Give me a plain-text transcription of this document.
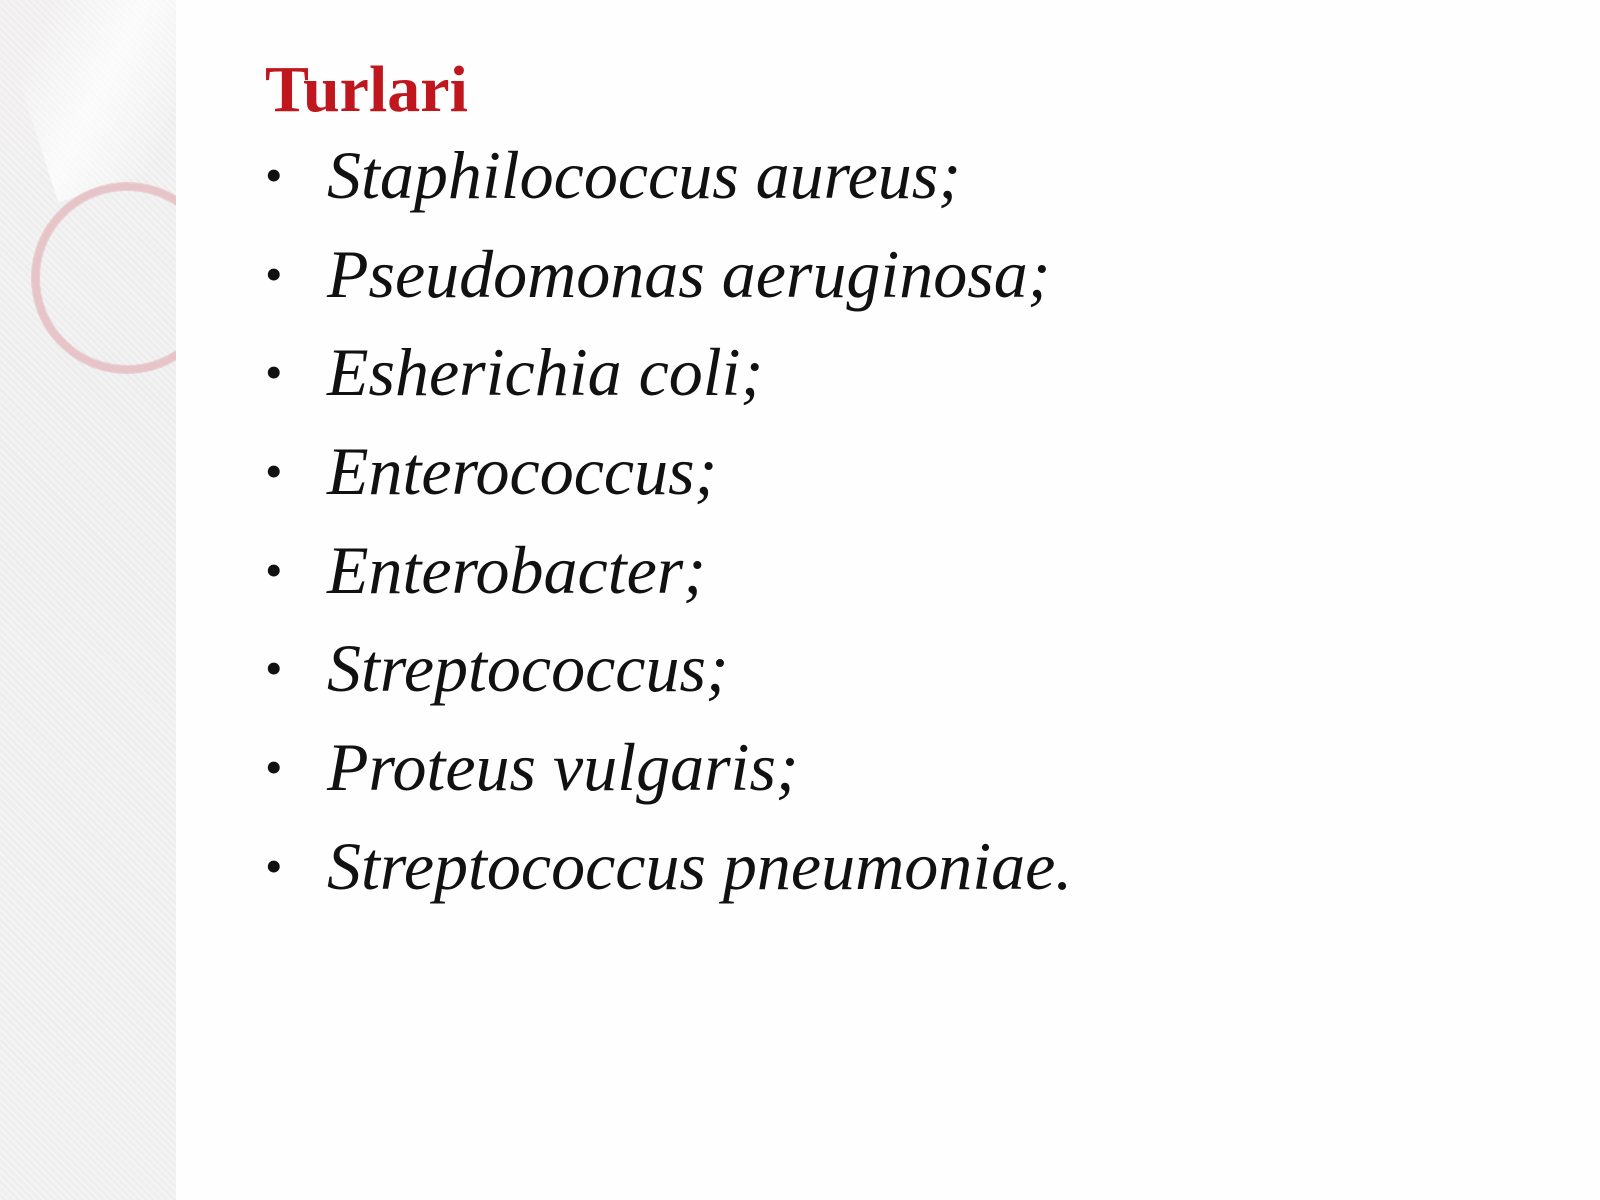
Turlari
• Staphilococcus aureus;
• Pseudomonas aeruginosa;
• Esherichia coli;
• Enterococcus;
• Enterobacter;
• Streptococcus;
• Proteus vulgaris;
• Streptococcus pneumoniae.
